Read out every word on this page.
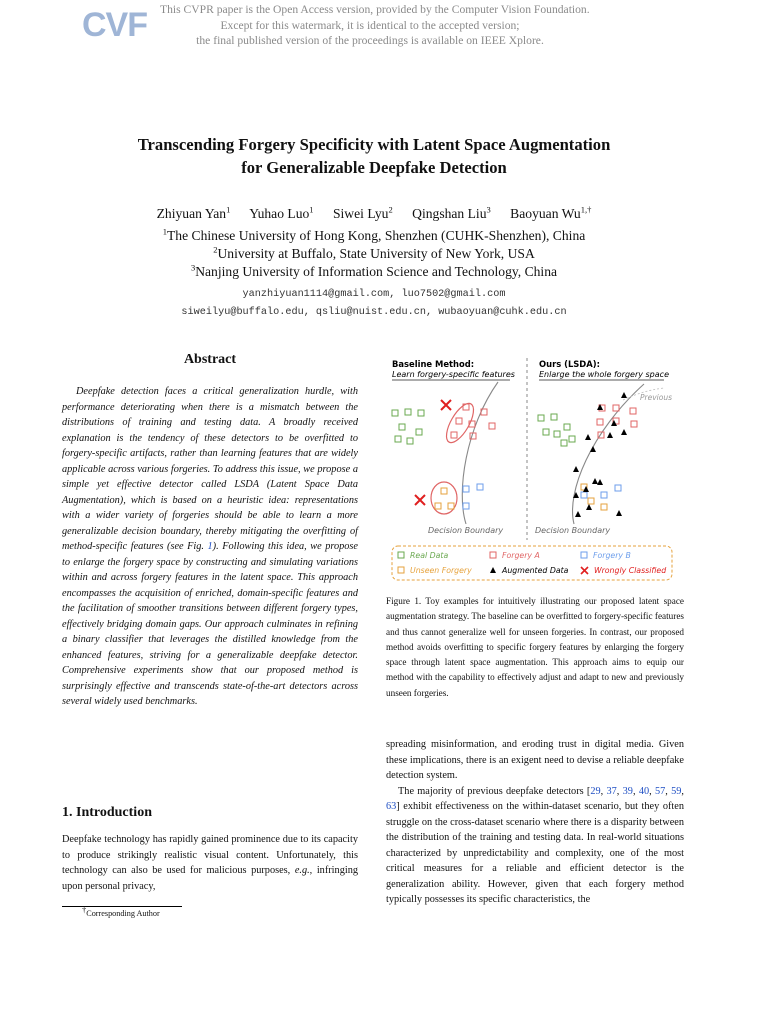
CVF This CVPR paper is the Open Access version, provided by the Computer Vision Foundation.
Except for this watermark, it is identical to the accepted version;
the final published version of the proceedings is available on IEEE Xplore.
Transcending Forgery Specificity with Latent Space Augmentation
for Generalizable Deepfake Detection
Zhiyuan Yan$^1$ Yuhao Luo$^1$ Siwei Lyu$^2$ Qingshan Liu$^3$ Baoyuan $Wu^{1,\dagger}$
$^1$The Chinese University of Hong Kong, Shenzhen (CUHK-Shenzhen), China
$^2$University at Buffalo, State University of New York, USA
$^3$Nanjing University of Information Science and Technology, China
yanzhiyuan1114@gmail.com, luo7502@gmail.com
siweilyu@buffalo.edu, qsliu@nuist.edu.cn, wubaoyuan@cuhk.edu.cn
Abstract

Deepfake detection faces a critical generalization hurdle, with performance deteriorating when there is a mismatch between the distributions of training and testing data. A broadly received explanation is the tendency of these detectors to be overfitted to forgery-specific artifacts, rather than learning features that are widely applicable across various forgeries. To address this issue, we propose a simple yet effective detector called LSDA (Latent Space Data Augmentation), which is based on a heuristic idea: representations with a wider variety of forgeries should be able to learn a more generalizable decision boundary, thereby mitigating the overfitting of method-specific features (see Fig. 1). Following this idea, we propose to enlarge the forgery space by constructing and simulating variations within and across forgery features in the latent space. This approach encompasses the acquisition of enriched, domain-specific features and the facilitation of smoother transitions between different forgery types, effectively bridging domain gaps. Our approach culminates in refining a binary classifier that leverages the distilled knowledge from the enhanced features, striving for a generalizable deepfake detector. Comprehensive experiments show that our proposed method is surprisingly effective and transcends state-of-the-art detectors across several widely used benchmarks.

1. Introduction

Deepfake technology has rapidly gained prominence due to its capacity to produce strikingly realistic visual content. Unfortunately, this technology can also be used for malicious purposes, e.g., infringing upon personal privacy,

†Corresponding Author
Baseline Method:
Learn forgery-specific features
Ours (LSDA):
Enlarge the whole forgery space
Previous
Decision Boundary	Decision Boundary
Real Data	Forgery A	Forgery B
Unseen Forgery	Augmented Data	Wrongly Classified
Figure 1. Toy examples for intuitively illustrating our proposed latent space augmentation strategy. The baseline can be overfitted to forgery-specific features and thus cannot generalize well for unseen forgeries. In contrast, our proposed method avoids overfitting to specific forgery features by enlarging the forgery space through latent space augmentation. This approach aims to equip our method with the capability to effectively adjust and adapt to new and previously unseen forgeries.

spreading misinformation, and eroding trust in digital media. Given these implications, there is an exigent need to devise a reliable deepfake detection system.

The majority of previous deepfake detectors [29, 37, 39, 40, 57, 59, 63] exhibit effectiveness on the within-dataset scenario, but they often struggle on the cross-dataset scenario where there is a disparity between the distribution of the training and testing data. In real-world situations characterized by unpredictability and complexity, one of the most critical measures for a reliable and efficient detector is the generalization ability. However, given that each forgery method typically possesses its specific characteristics, the
